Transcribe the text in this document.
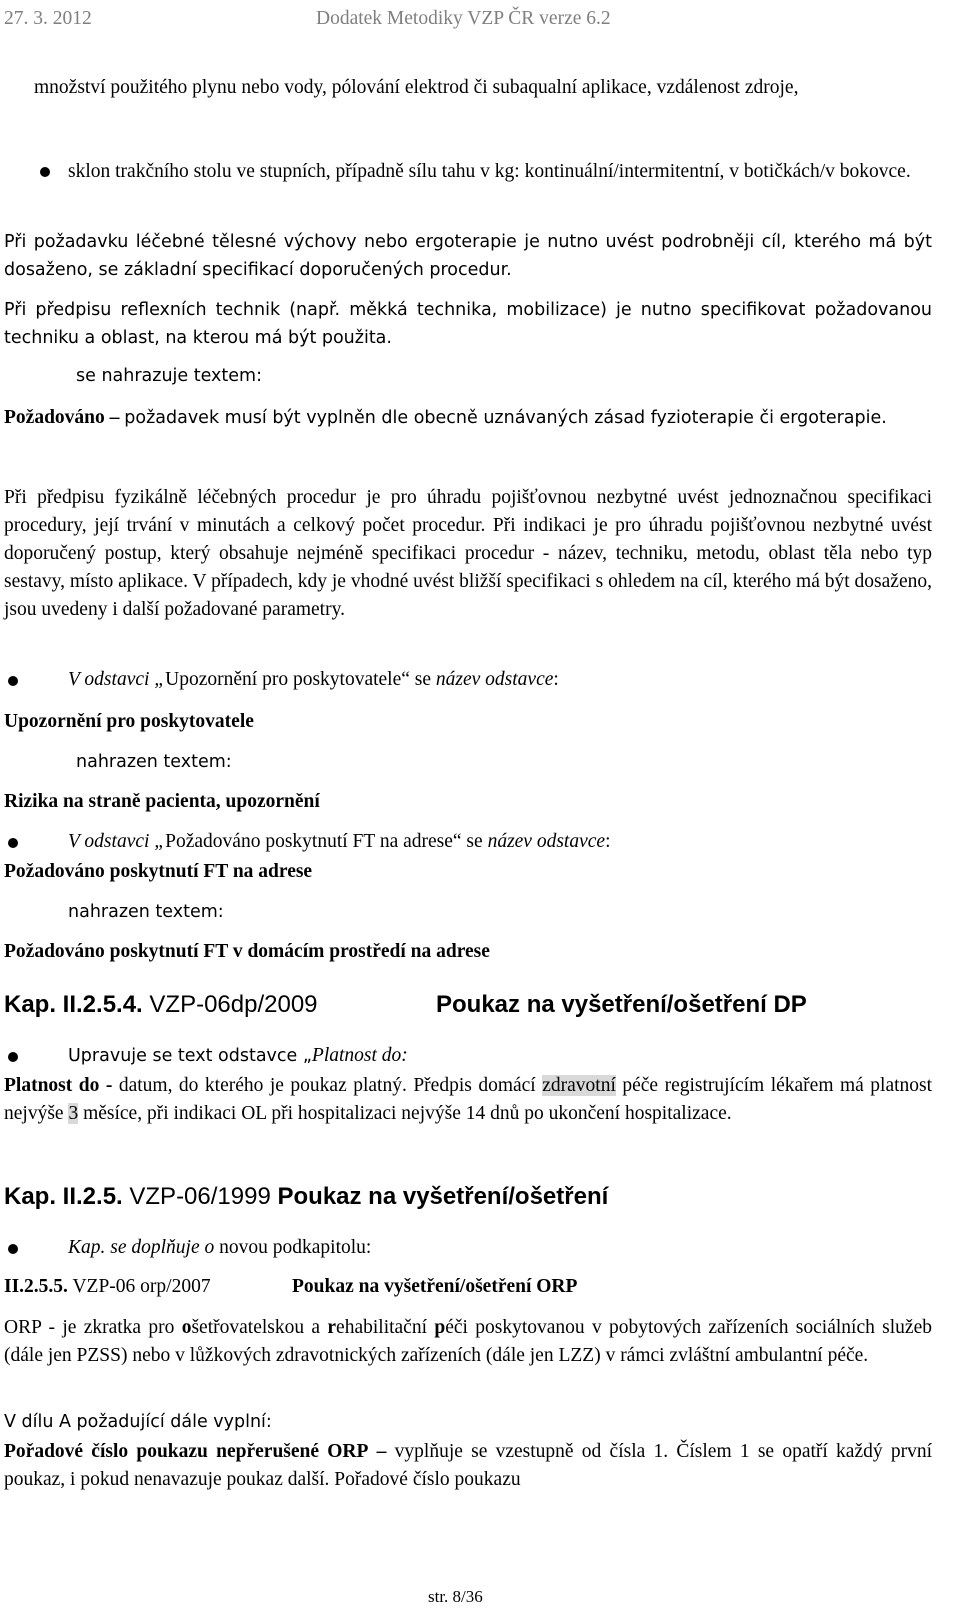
27. 3. 2012	Dodatek Metodiky VZP ČR verze 6.2

množství použitého plynu nebo vody, pólování elektrod či subaqualní aplikace, vzdálenost zdroje,

sklon trakčního stolu ve stupních, případně sílu tahu v kg: kontinuální/intermitentní, v botičkách/v bokovce.

Při požadavku léčebné tělesné výchovy nebo ergoterapie je nutno uvést podrobněji cíl, kterého má být dosaženo, se základní specifikací doporučených procedur.

Při předpisu reflexních technik (např. měkká technika, mobilizace) je nutno specifikovat požadovanou techniku a oblast, na kterou má být použita.

se nahrazuje textem:

Požadováno – požadavek musí být vyplněn dle obecně uznávaných zásad fyzioterapie či ergoterapie.

Při předpisu fyzikálně léčebných procedur je pro úhradu pojišťovnou nezbytné uvést jednoznačnou specifikaci procedury, její trvání v minutách a celkový počet procedur. Při indikaci je pro úhradu pojišťovnou nezbytné uvést doporučený postup, který obsahuje nejméně specifikaci procedur - název, techniku, metodu, oblast těla nebo typ sestavy, místo aplikace. V případech, kdy je vhodné uvést bližší specifikaci s ohledem na cíl, kterého má být dosaženo, jsou uvedeny i další požadované parametry.

V odstavci „Upozornění pro poskytovatele“ se název odstavce:

Upozornění pro poskytovatele

nahrazen textem:

Rizika na straně pacienta, upozornění

V odstavci „Požadováno poskytnutí FT na adrese“ se název odstavce:

Požadováno poskytnutí FT na adrese

nahrazen textem:

Požadováno poskytnutí FT v domácím prostředí na adrese

Kap. II.2.5.4. VZP-06dp/2009	Poukaz na vyšetření/ošetření DP

Upravuje se text odstavce „Platnost do:

Platnost do - datum, do kterého je poukaz platný. Předpis domácí zdravotní péče registrujícím lékařem má platnost nejvýše 3 měsíce, při indikaci OL při hospitalizaci nejvýše 14 dnů po ukončení hospitalizace.

Kap. II.2.5. VZP-06/1999 Poukaz na vyšetření/ošetření

Kap. se doplňuje o novou podkapitolu:

II.2.5.5. VZP-06 orp/2007	Poukaz na vyšetření/ošetření ORP

ORP - je zkratka pro ošetřovatelskou a rehabilitační péči poskytovanou v pobytových zařízeních sociálních služeb (dále jen PZSS) nebo v lůžkových zdravotnických zařízeních (dále jen LZZ) v rámci zvláštní ambulantní péče.

V dílu A požadující dále vyplní:

Pořadové číslo poukazu nepřerušené ORP – vyplňuje se vzestupně od čísla 1. Číslem 1 se opatří každý první poukaz, i pokud nenavazuje poukaz další. Pořadové číslo poukazu

str. 8/36
